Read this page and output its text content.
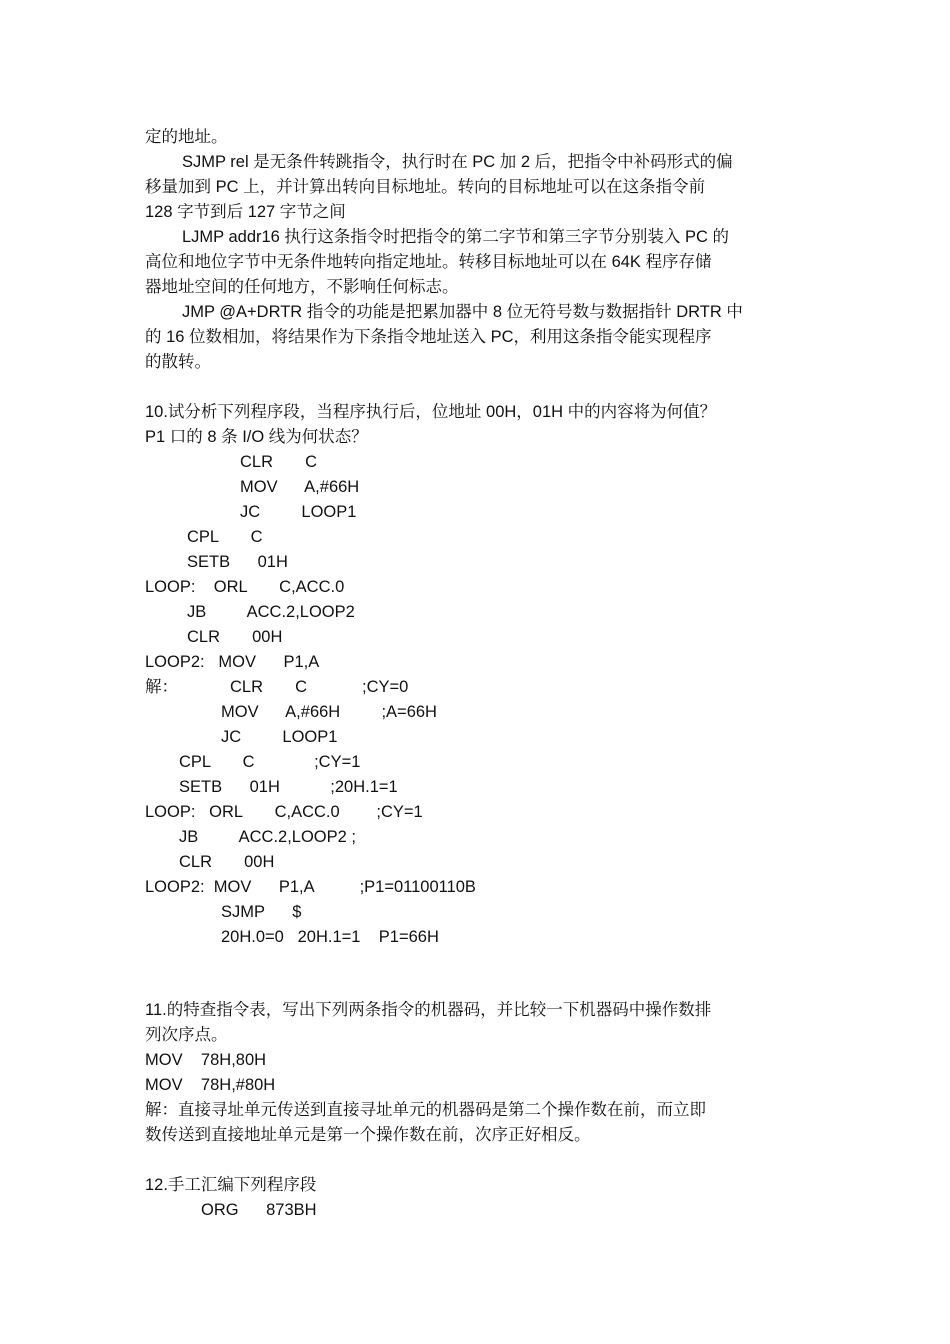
定的地址。
SJMP rel 是无条件转跳指令，执行时在 PC 加 2 后，把指令中补码形式的偏
移量加到 PC 上，并计算出转向目标地址。转向的目标地址可以在这条指令前
128 字节到后 127 字节之间
LJMP addr16 执行这条指令时把指令的第二字节和第三字节分别装入 PC 的
高位和地位字节中无条件地转向指定地址。转移目标地址可以在 64K 程序存储
器地址空间的任何地方，不影响任何标志。
JMP @A+DRTR 指令的功能是把累加器中 8 位无符号数与数据指针 DRTR 中
的 16 位数相加，将结果作为下条指令地址送入 PC，利用这条指令能实现程序
的散转。
10.试分析下列程序段，当程序执行后，位地址 00H，01H 中的内容将为何值？
P1 口的 8 条 I/O 线为何状态？
CLR       C
MOV      A,#66H
JC         LOOP1
CPL       C
SETB      01H
LOOP:    ORL       C,ACC.0
JB         ACC.2,LOOP2
CLR       00H
LOOP2:   MOV      P1,A
解：	CLR       C            ;CY=0
MOV      A,#66H         ;A=66H
JC         LOOP1
CPL       C             ;CY=1
SETB      01H           ;20H.1=1
LOOP:   ORL       C,ACC.0        ;CY=1
JB         ACC.2,LOOP2 ;
CLR       00H
LOOP2:  MOV      P1,A          ;P1=01100110B
SJMP      $
20H.0=0   20H.1=1    P1=66H
11.的特查指令表，写出下列两条指令的机器码，并比较一下机器码中操作数排
列次序点。
MOV    78H,80H
MOV    78H,#80H
解：直接寻址单元传送到直接寻址单元的机器码是第二个操作数在前，而立即
数传送到直接地址单元是第一个操作数在前，次序正好相反。
12.手工汇编下列程序段
ORG      873BH
